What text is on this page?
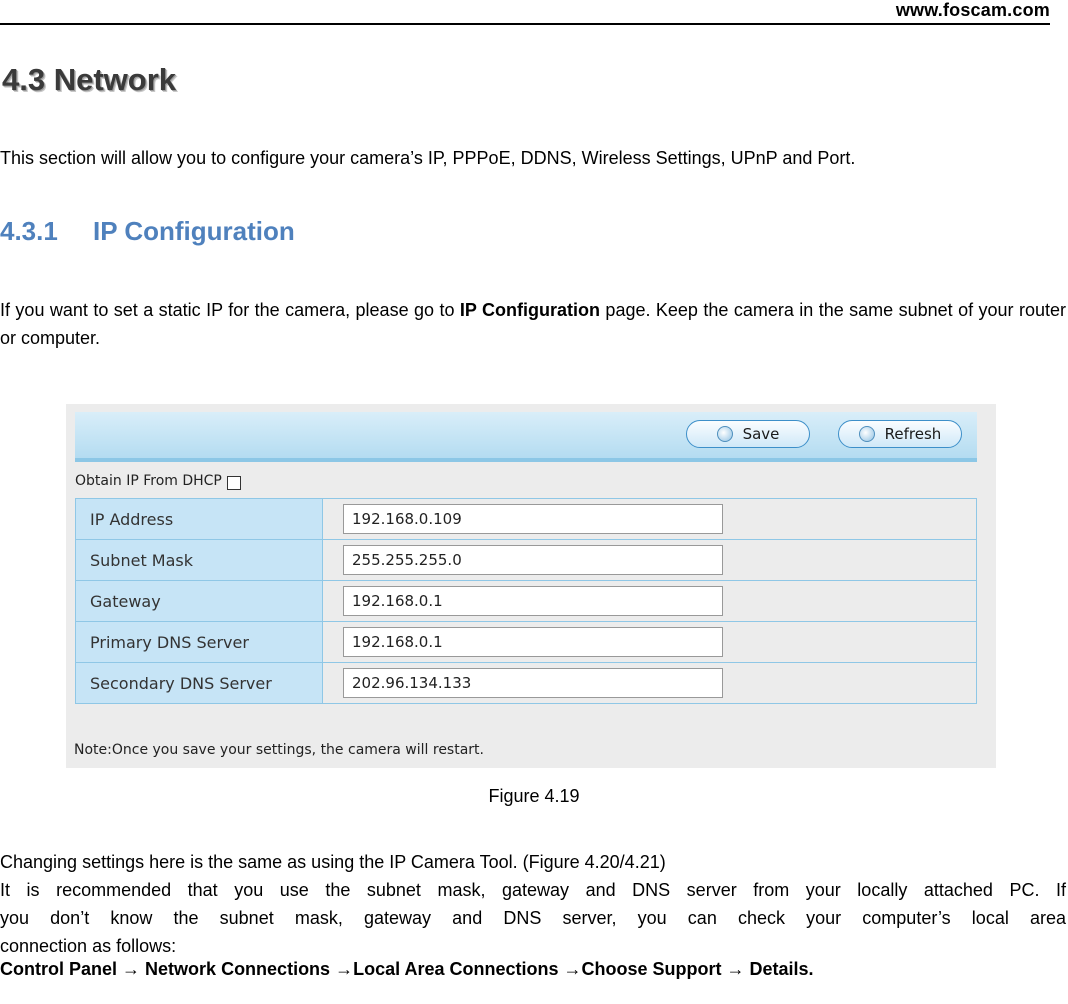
www.foscam.com
4.3 Network

This section will allow you to configure your camera’s IP, PPPoE, DDNS, Wireless Settings, UPnP and Port.

4.3.1 IP Configuration

If you want to set a static IP for the camera, please go to IP Configuration page. Keep the camera in the same subnet of your router or computer.

Save	Refresh
Obtain IP From DHCP
IP Address	192.168.0.109
Subnet Mask	255.255.255.0
Gateway	192.168.0.1
Primary DNS Server	192.168.0.1
Secondary DNS Server	202.96.134.133
Note:Once you save your settings, the camera will restart.
Figure 4.19

Changing settings here is the same as using the IP Camera Tool. (Figure 4.20/4.21)
It is recommended that you use the subnet mask, gateway and DNS server from your locally attached PC. If
you don’t know the subnet mask, gateway and DNS server, you can check your computer’s local area
connection as follows:

Control Panel → Network Connections →Local Area Connections →Choose Support → Details.
